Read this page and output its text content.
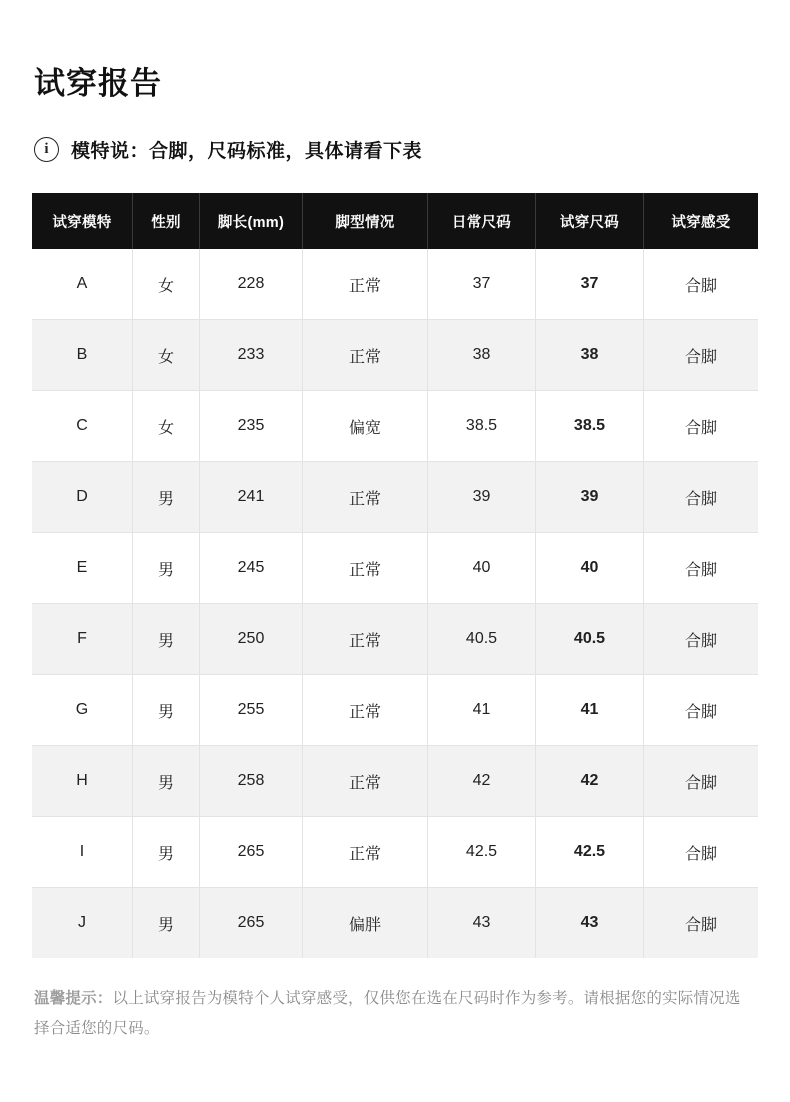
试穿报告
i	模特说：合脚，尺码标准，具体请看下表
试穿模特	性别	脚长(mm)	脚型情况	日常尺码	试穿尺码	试穿感受
A	女	228	正常	37	37	合脚
B	女	233	正常	38	38	合脚
C	女	235	偏宽	38.5	38.5	合脚
D	男	241	正常	39	39	合脚
E	男	245	正常	40	40	合脚
F	男	250	正常	40.5	40.5	合脚
G	男	255	正常	41	41	合脚
H	男	258	正常	42	42	合脚
I	男	265	正常	42.5	42.5	合脚
J	男	265	偏胖	43	43	合脚

温馨提示：以上试穿报告为模特个人试穿感受，仅供您在选在尺码时作为参考。请根据您的实际情况选择合适您的尺码。
